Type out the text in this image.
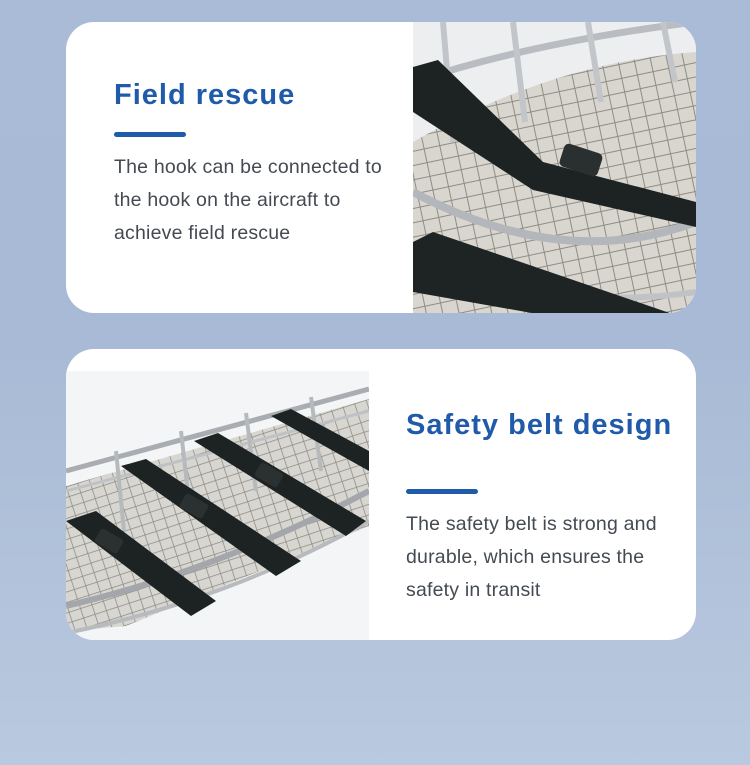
Field rescue

The hook can be connected to the hook on the aircraft to achieve field rescue

Safety belt design

The safety belt is strong and durable, which ensures the safety in transit
